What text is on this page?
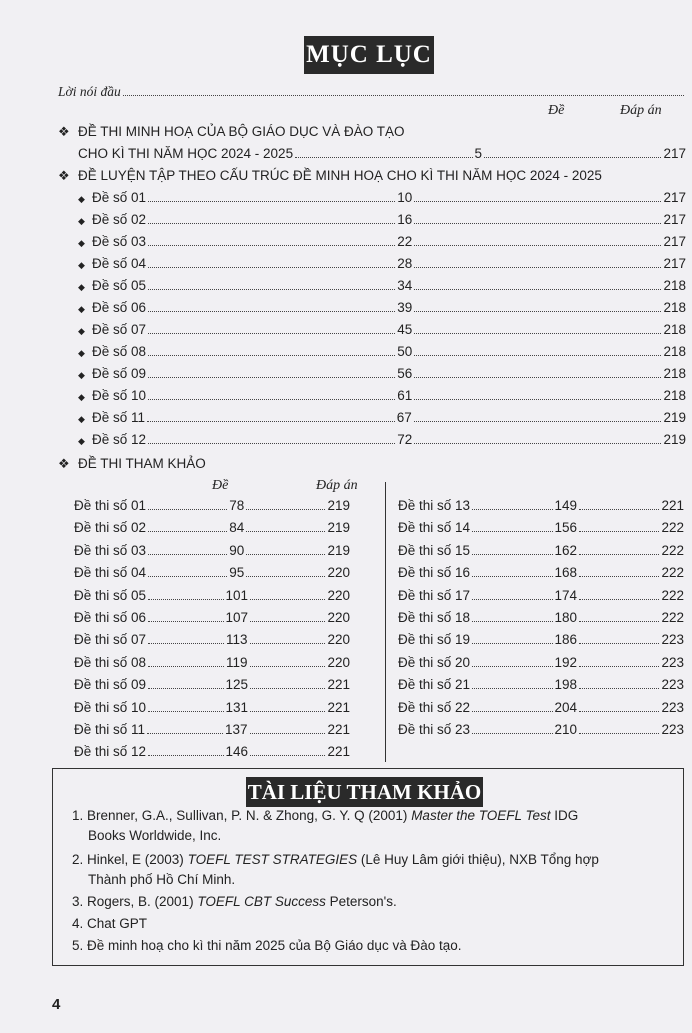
MỤC LỤC
Lời nói đầu
Đề	Đáp án
❖ ĐỀ THI MINH HOẠ CỦA BỘ GIÁO DỤC VÀ ĐÀO TẠO
CHO KÌ THI NĂM HỌC 2024 - 2025	5	217
❖ ĐỀ LUYỆN TẬP THEO CẤU TRÚC ĐỀ MINH HOẠ CHO KÌ THI NĂM HỌC 2024 - 2025
◆ Đề số 01	10	217
◆ Đề số 02	16	217
◆ Đề số 03	22	217
◆ Đề số 04	28	217
◆ Đề số 05	34	218
◆ Đề số 06	39	218
◆ Đề số 07	45	218
◆ Đề số 08	50	218
◆ Đề số 09	56	218
◆ Đề số 10	61	218
◆ Đề số 11	67	219
◆ Đề số 12	72	219
❖ ĐỀ THI THAM KHẢO
Đề	Đáp án
Đề thi số 01	78	219
Đề thi số 02	84	219
Đề thi số 03	90	219
Đề thi số 04	95	220
Đề thi số 05	101	220
Đề thi số 06	107	220
Đề thi số 07	113	220
Đề thi số 08	119	220
Đề thi số 09	125	221
Đề thi số 10	131	221
Đề thi số 11	137	221
Đề thi số 12	146	221
Đề thi số 13	149	221
Đề thi số 14	156	222
Đề thi số 15	162	222
Đề thi số 16	168	222
Đề thi số 17	174	222
Đề thi số 18	180	222
Đề thi số 19	186	223
Đề thi số 20	192	223
Đề thi số 21	198	223
Đề thi số 22	204	223
Đề thi số 23	210	223
TÀI LIỆU THAM KHẢO
1. Brenner, G.A., Sullivan, P. N. & Zhong, G. Y. Q (2001) Master the TOEFL Test IDG
Books Worldwide, Inc.
2. Hinkel, E (2003) TOEFL TEST STRATEGIES (Lê Huy Lâm giới thiệu), NXB Tổng hợp
Thành phố Hồ Chí Minh.
3. Rogers, B. (2001) TOEFL CBT Success Peterson's.
4. Chat GPT
5. Đề minh hoạ cho kì thi năm 2025 của Bộ Giáo dục và Đào tạo.
4
